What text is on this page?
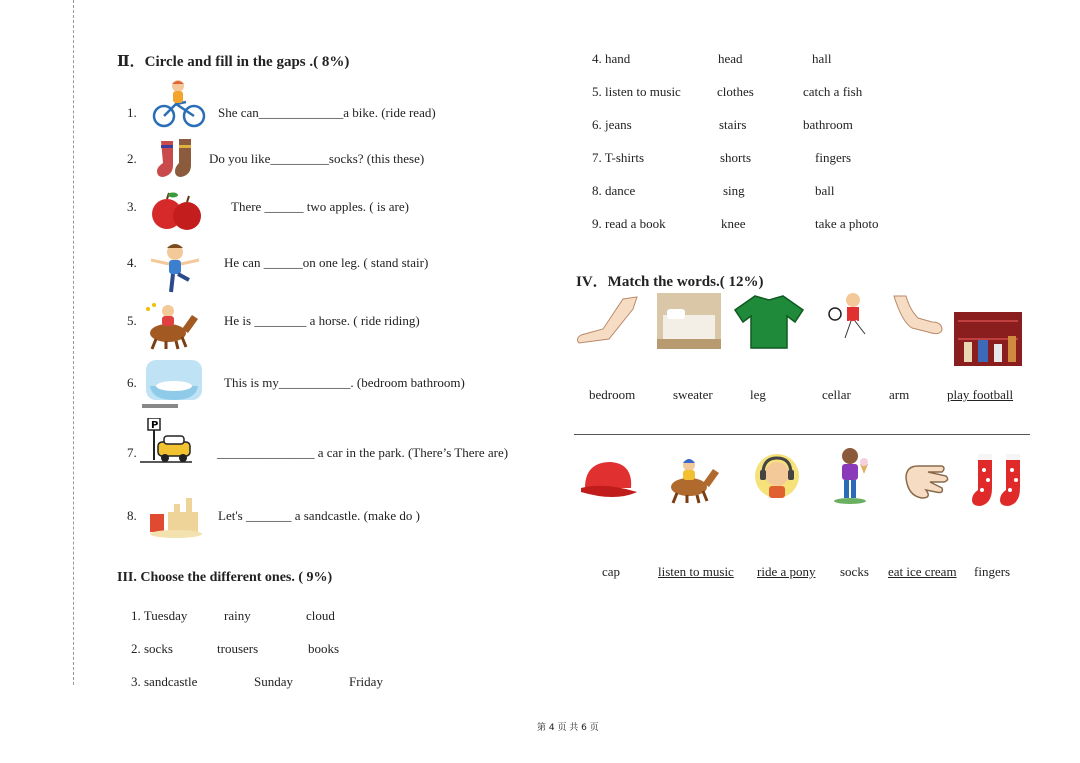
Ⅱ．Circle and fill in the gaps .( 8%)
P
1.	She can_____________a bike. (ride read)
2.	Do you like_________socks? (this these)
3.	There ______ two apples. ( is are)
4.	He can ______on one leg. ( stand stair)
5.	He is ________ a horse. ( ride riding)
6.	This is my___________. (bedroom bathroom)
7.	_______________ a car in the park. (There’s There are)
8.	Let's _______ a sandcastle. (make do )
III. Choose the different ones. ( 9%)
1. Tuesday	rainy	cloud
2. socks	trousers	books
3. sandcastle	Sunday	Friday
4. hand	head	hall
5. listen to music	clothes	catch a fish
6. jeans	stairs	bathroom
7. T-shirts	shorts	fingers
8. dance	sing	ball
9. read a book	knee	take a photo
IV．Match the words.( 12%)
bedroom	sweater	leg	cellar	arm	play football
cap	listen to music ride a pony socks eat ice cream fingers
第 4 页 共 6 页
